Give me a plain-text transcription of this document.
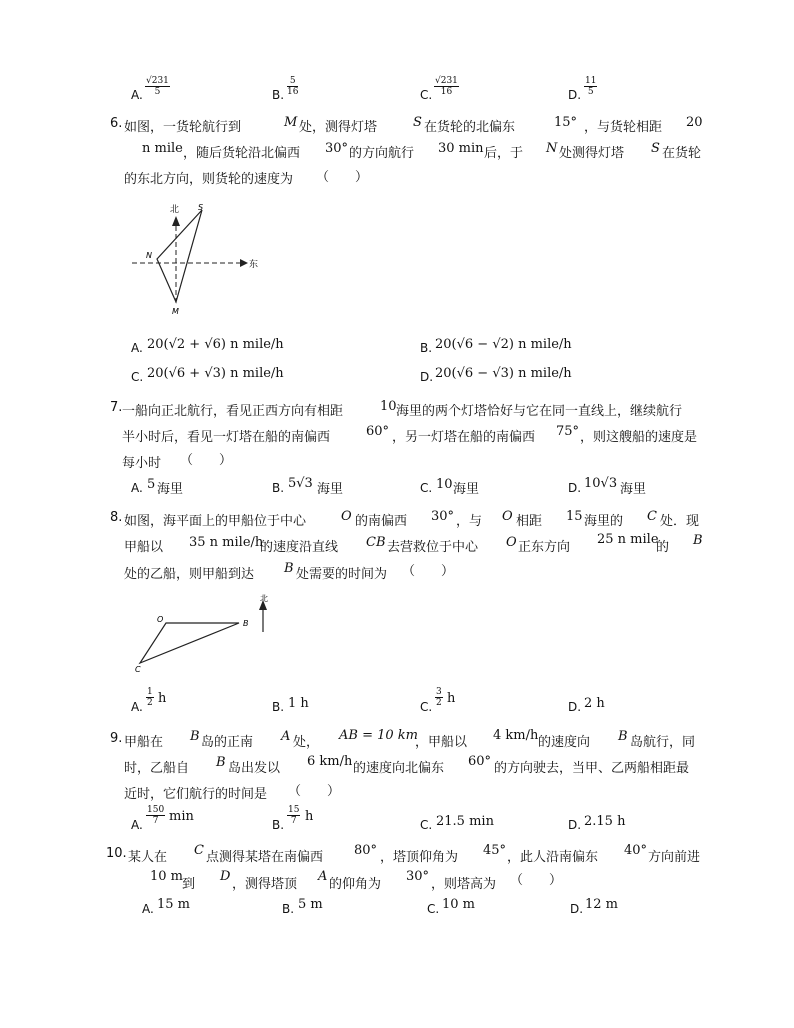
A. $\frac{√231}{5}$	B. $\frac{5}{16}$	C. $\frac{√231}{16}$	D. $\frac{11}{5}$
6. 如图，一货轮航行到	M 处，测得灯塔	S 在货轮的北偏东	15° ，与货轮相距 20
n mile ，随后货轮沿北偏西 30° 的方向航行 30 min 后，于 N 处测得灯塔 S 在货轮
的东北方向，则货轮的速度为 （　　）
北
东
S
N
M
A. 20(√2 + √6) n mile/h	B. 20(√6 − √2) n mile/h
C. 20(√6 + √3) n mile/h	D. 20(√6 − √3) n mile/h
7. 一船向正北航行，看见正西方向有相距	10 海里的两个灯塔恰好与它在同一直线上，继续航行
半小时后，看见一灯塔在船的南偏西	60° ，另一灯塔在船的南偏西 75° ，则这艘船的速度是
每小时 （　　）
A. 5 海里	B. 5√3 海里	C. 10 海里	D. 10√3 海里
8. 如图，海平面上的甲船位于中心	O 的南偏西 30° ，与 O 相距 15 海里的 C 处．现
甲船以 35 n mile/h
的速度沿直线 CB 去营救位于中心 O 正东方向
25 n mile
的 B
处的乙船，则甲船到达 B 处需要的时间为 （　　）
北
O	B
C
A. $\frac{1}{2}$ h
B. 1 h	C. $\frac{3}{2}$ h
D. 2 h
9. 甲船在 B 岛的正南 A 处， AB = 10 km
，甲船以 4 km/h 的速度向 B 岛航行，同
时，乙船自 B 岛出发以 6 km/h 的速度向北偏东 60° 的方向驶去，当甲、乙两船相距最
近时，它们航行的时间是 （　　）
A. $\frac{150}{7}$ min
B. $\frac{15}{7}$ h
C. 21.5 min	D. 2.15 h
10. 某人在 C 点测得某塔在南偏西 80° ，塔顶仰角为 45° ，此人沿南偏东 40° 方向前进
10 m
到
D
，测得塔顶
A
的仰角为
30°
，则塔高为 （　　）
A. 15 m	B. 5 m	C. 10 m	D. 12 m
